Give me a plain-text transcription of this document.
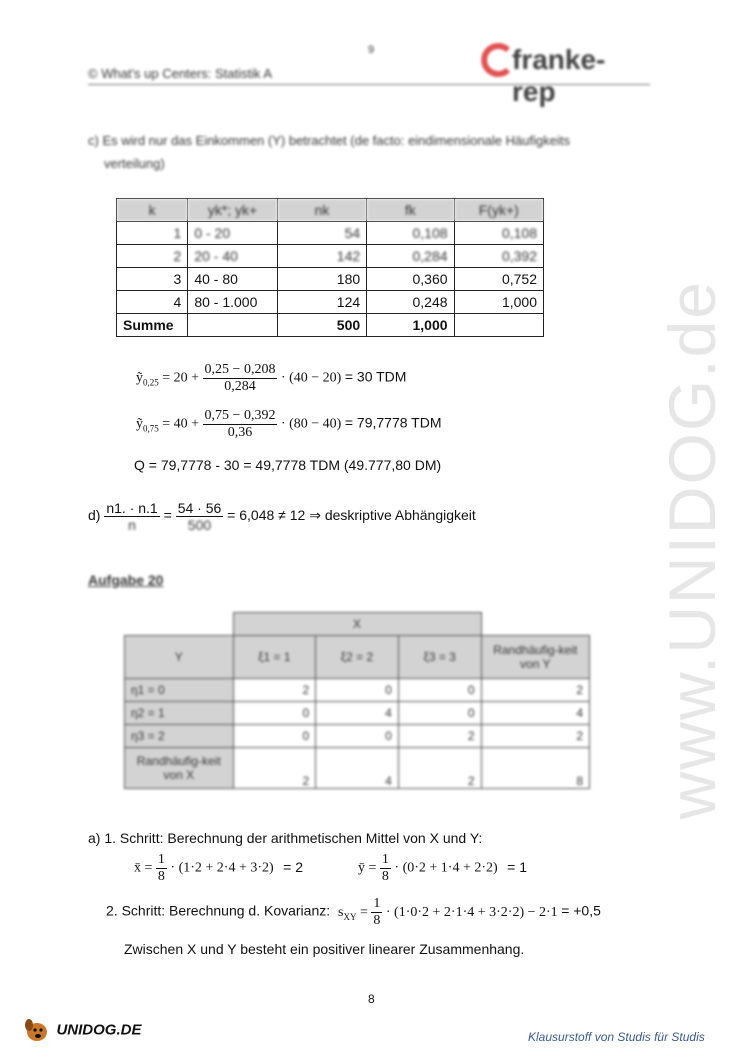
9
© What's up Centers: Statistik A	franke-rep
www.UNIDOG.de
c) Es wird nur das Einkommen (Y) betrachtet (de facto: eindimensionale Häufigkeits
verteilung)
k	yk*; yk+	nk	fk	F(yk+)
1	0 - 20	54	0,108	0,108
2	20 - 40	142	0,284	0,392
3	40 - 80	180	0,360	0,752
4	80 - 1.000	124	0,248	1,000
Summe		500	1,000	
ỹ$_{0,25}$ = $20 + \frac{0,25 - 0,208}{0,284} \cdot (40 - 20) = 30$ TDM
ỹ$_{0,75}$ = $40 + \frac{0,75 - 0,392}{0,36} \cdot (80 - 40) = 79,7778$ TDM
Q = 79,7778 - 30 = 49,7778 TDM (49.777,80 DM)
$d) \frac{n1. \cdot n.1}{n} = \frac{54 \cdot 56}{500} = 6,048 \ne 12$ ⇒ deskriptive Abhängigkeit
Aufgabe 20
	X			
Y	ξ1 = 1	ξ2 = 2	ξ3 = 3	Randhäufig-keit von Y
η1 = 0	2	0	0	2
η2 = 1	0	4	0	4
η3 = 2	0	0	2	2
Randhäufig-keit von X	2	4	2	8
a) 1. Schritt: Berechnung der arithmetischen Mittel von X und Y:
x̄ = $\frac{1}{8} \cdot (1\cdot 2 + 2\cdot 4 + 3\cdot 2) = 2$	ȳ = $\frac{1}{8} \cdot (0\cdot 2 + 1\cdot 4 + 2\cdot 2) = 1$
2. Schritt: Berechnung d. Kovarianz: $s_{XY} = \frac{1}{8} \cdot (1\cdot 0\cdot 2 + 2\cdot 1\cdot 4 + 3\cdot 2\cdot 2) - 2\cdot 1 = +0,5$
Zwischen X und Y besteht ein positiver linearer Zusammenhang.
8
UNIDOG.DE	Klausurstoff von Studis für Studis
